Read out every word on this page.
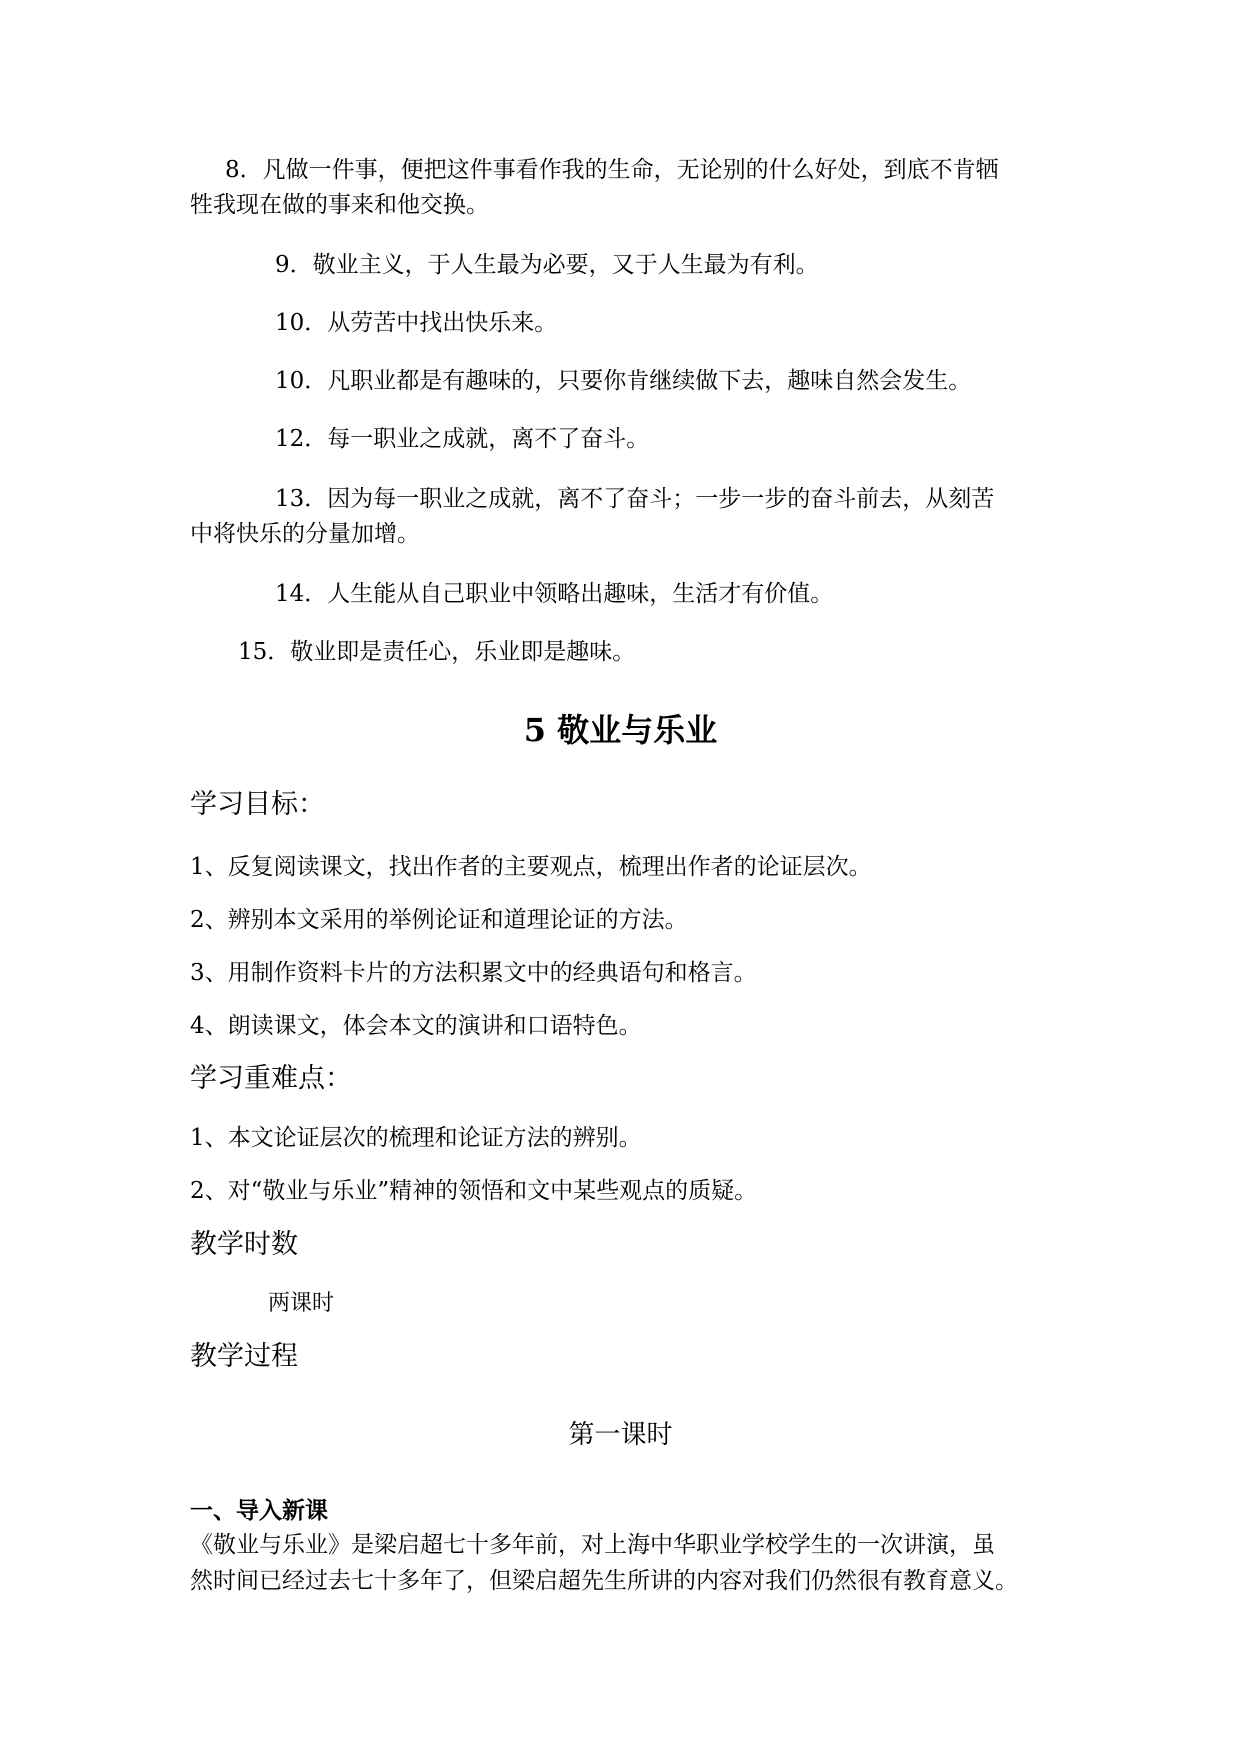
8．凡做一件事，便把这件事看作我的生命，无论别的什么好处，到底不肯牺
牲我现在做的事来和他交换。
9．敬业主义，于人生最为必要，又于人生最为有利。
10．从劳苦中找出快乐来。
10．凡职业都是有趣味的，只要你肯继续做下去，趣味自然会发生。
12．每一职业之成就，离不了奋斗。
13．因为每一职业之成就，离不了奋斗；一步一步的奋斗前去，从刻苦
中将快乐的分量加增。
14．人生能从自己职业中领略出趣味，生活才有价值。
15．敬业即是责任心，乐业即是趣味。
5 敬业与乐业
学习目标：
1、反复阅读课文，找出作者的主要观点，梳理出作者的论证层次。
2、辨别本文采用的举例论证和道理论证的方法。
3、用制作资料卡片的方法积累文中的经典语句和格言。
4、朗读课文，体会本文的演讲和口语特色。
学习重难点：
1、本文论证层次的梳理和论证方法的辨别。
2、对“敬业与乐业”精神的领悟和文中某些观点的质疑。
教学时数
两课时
教学过程
第一课时
一、导入新课
《敬业与乐业》是梁启超七十多年前，对上海中华职业学校学生的一次讲演，虽
然时间已经过去七十多年了，但梁启超先生所讲的内容对我们仍然很有教育意义。
